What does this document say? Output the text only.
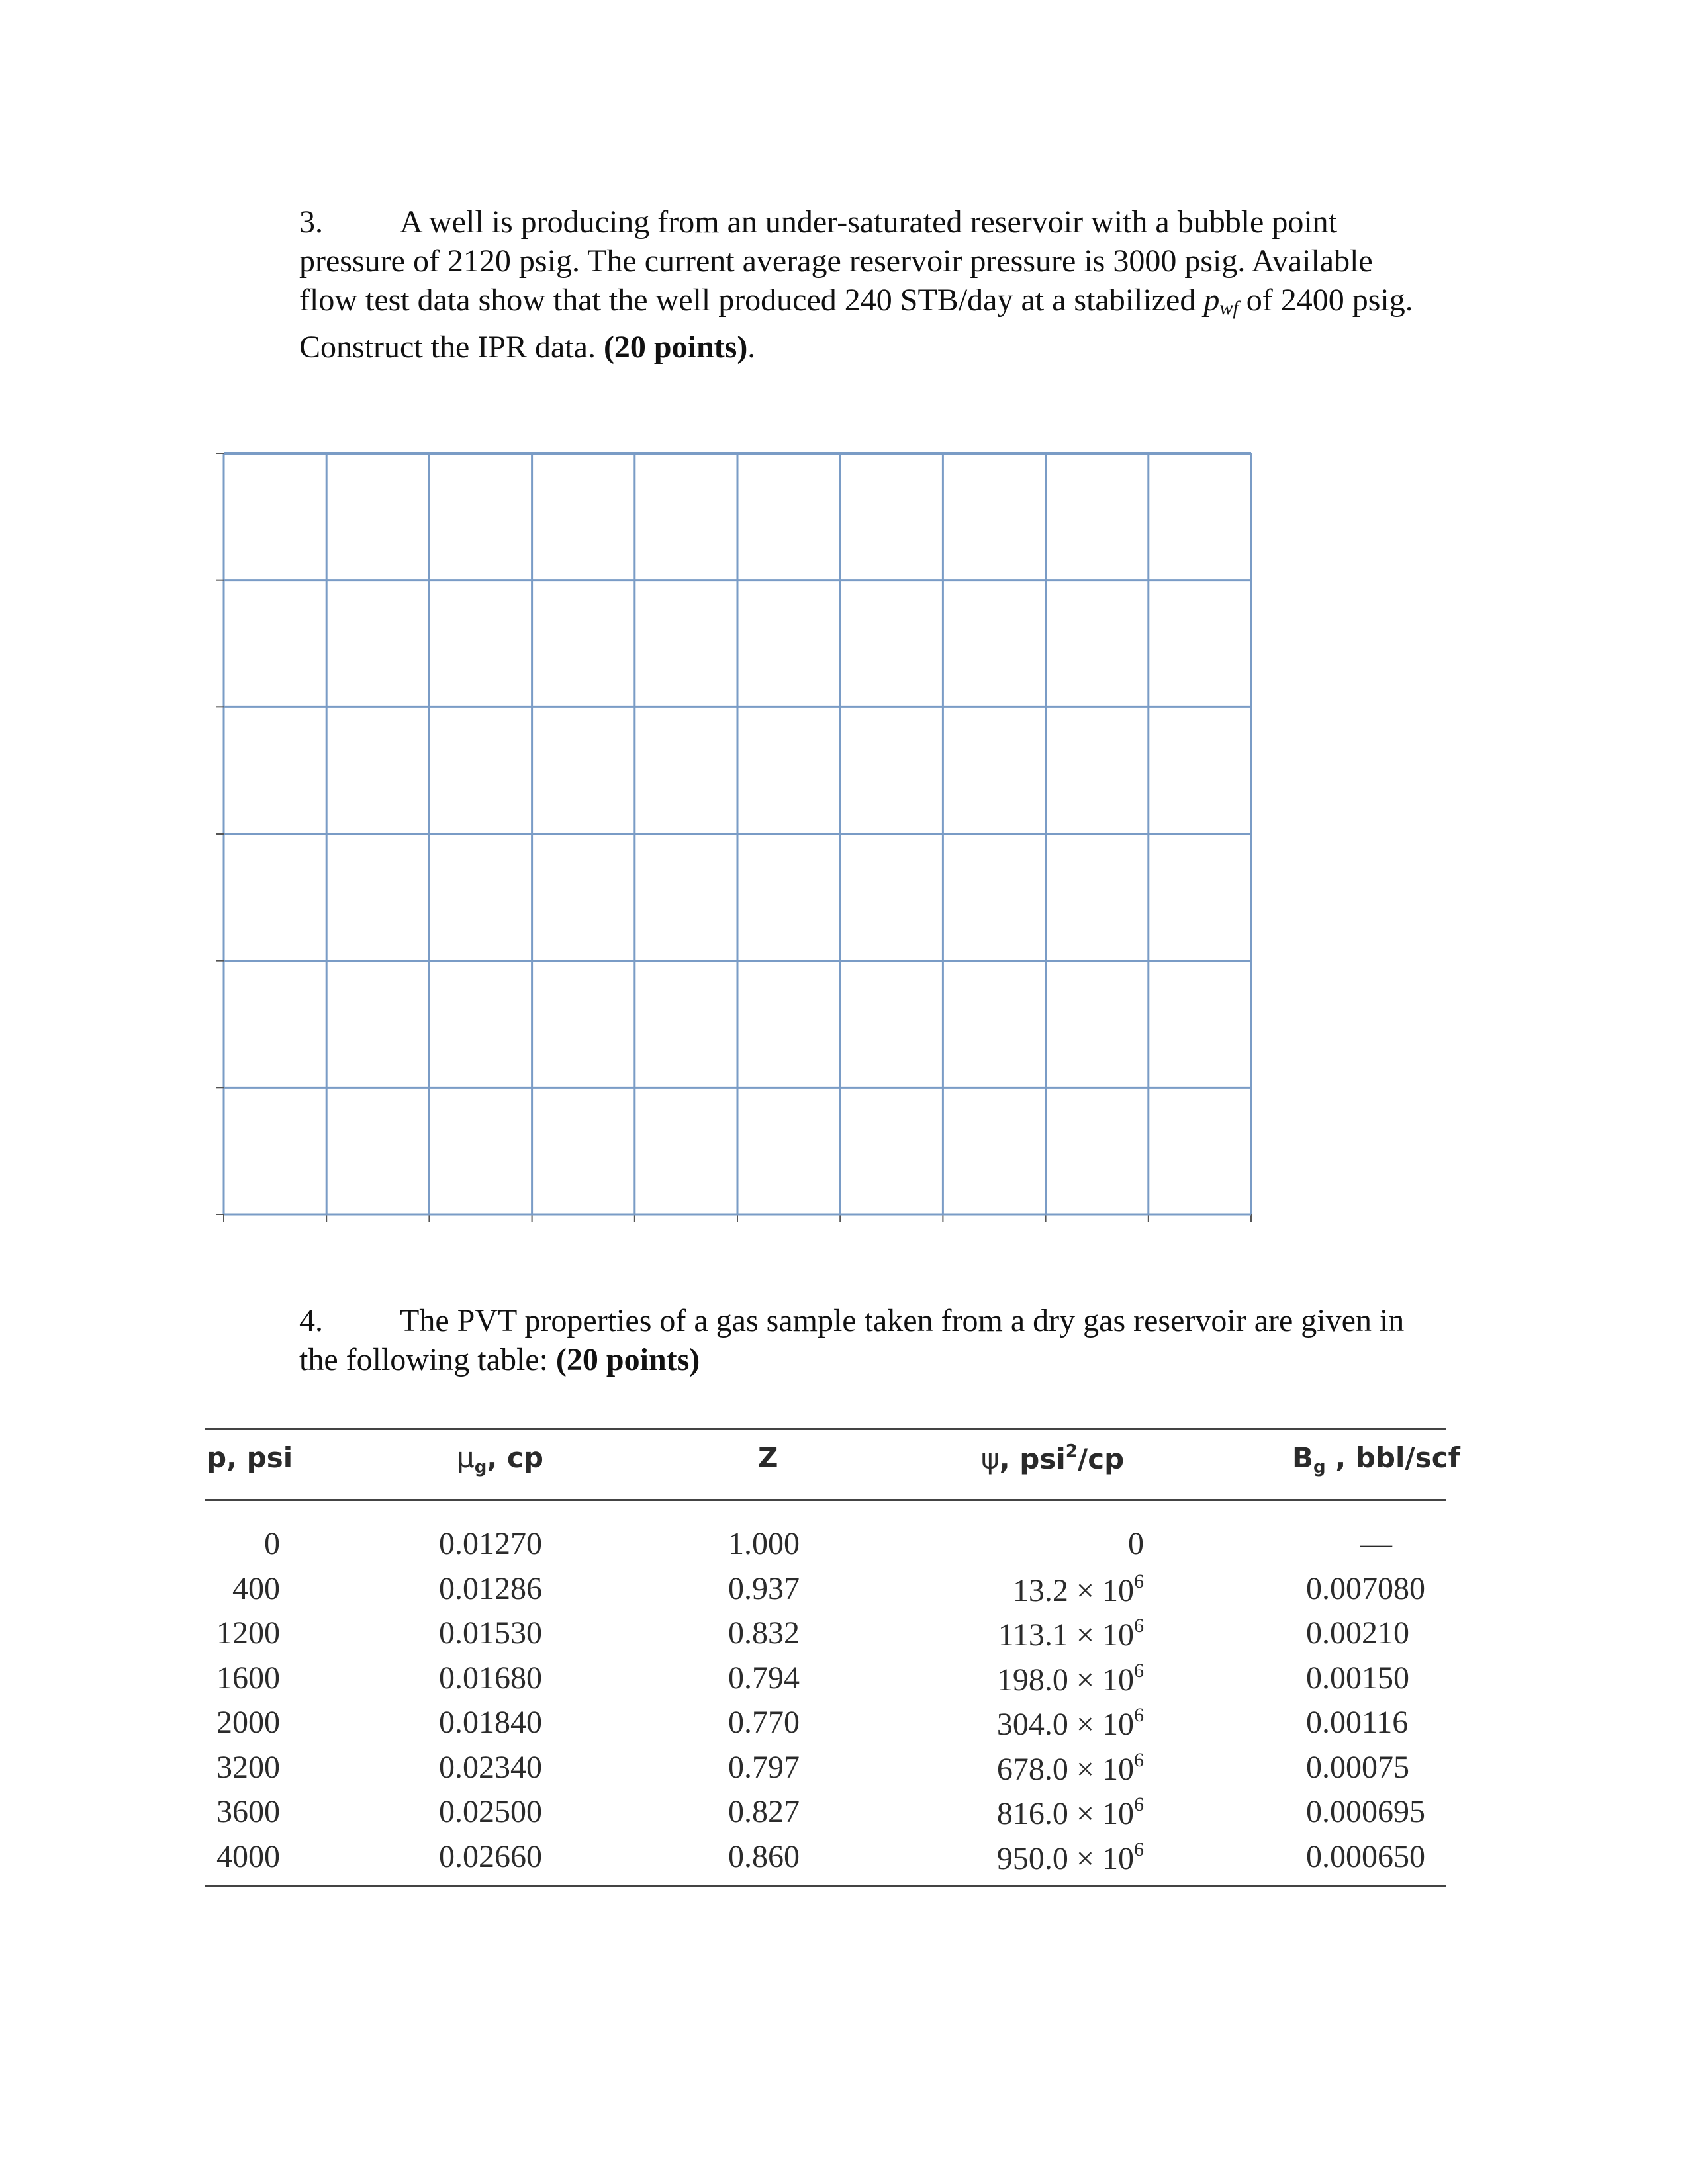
3. A well is producing from an under-saturated reservoir with a bubble point
pressure of 2120 psig. The current average reservoir pressure is 3000 psig. Available
flow test data show that the well produced 240 STB/day at a stabilized $p_{wf}$ of 2400 psig.
Construct the IPR data. (20 points).
4. The PVT properties of a gas sample taken from a dry gas reservoir are given in
the following table: (20 points)
p, psi	$\mu_g$, cp	Z	ψ, psi$^2$/cp	$B_g$ , bbl/scf
0	0.01270	1.000	0	—
400	0.01286	0.937	$13.2 \times 10^6$	0.007080
1200	0.01530	0.832	$113.1 \times 10^6$	0.00210
1600	0.01680	0.794	$198.0 \times 10^6$	0.00150
2000	0.01840	0.770	$304.0 \times 10^6$	0.00116
3200	0.02340	0.797	$678.0 \times 10^6$	0.00075
3600	0.02500	0.827	$816.0 \times 10^6$	0.000695
4000	0.02660	0.860	$950.0 \times 10^6$	0.000650
